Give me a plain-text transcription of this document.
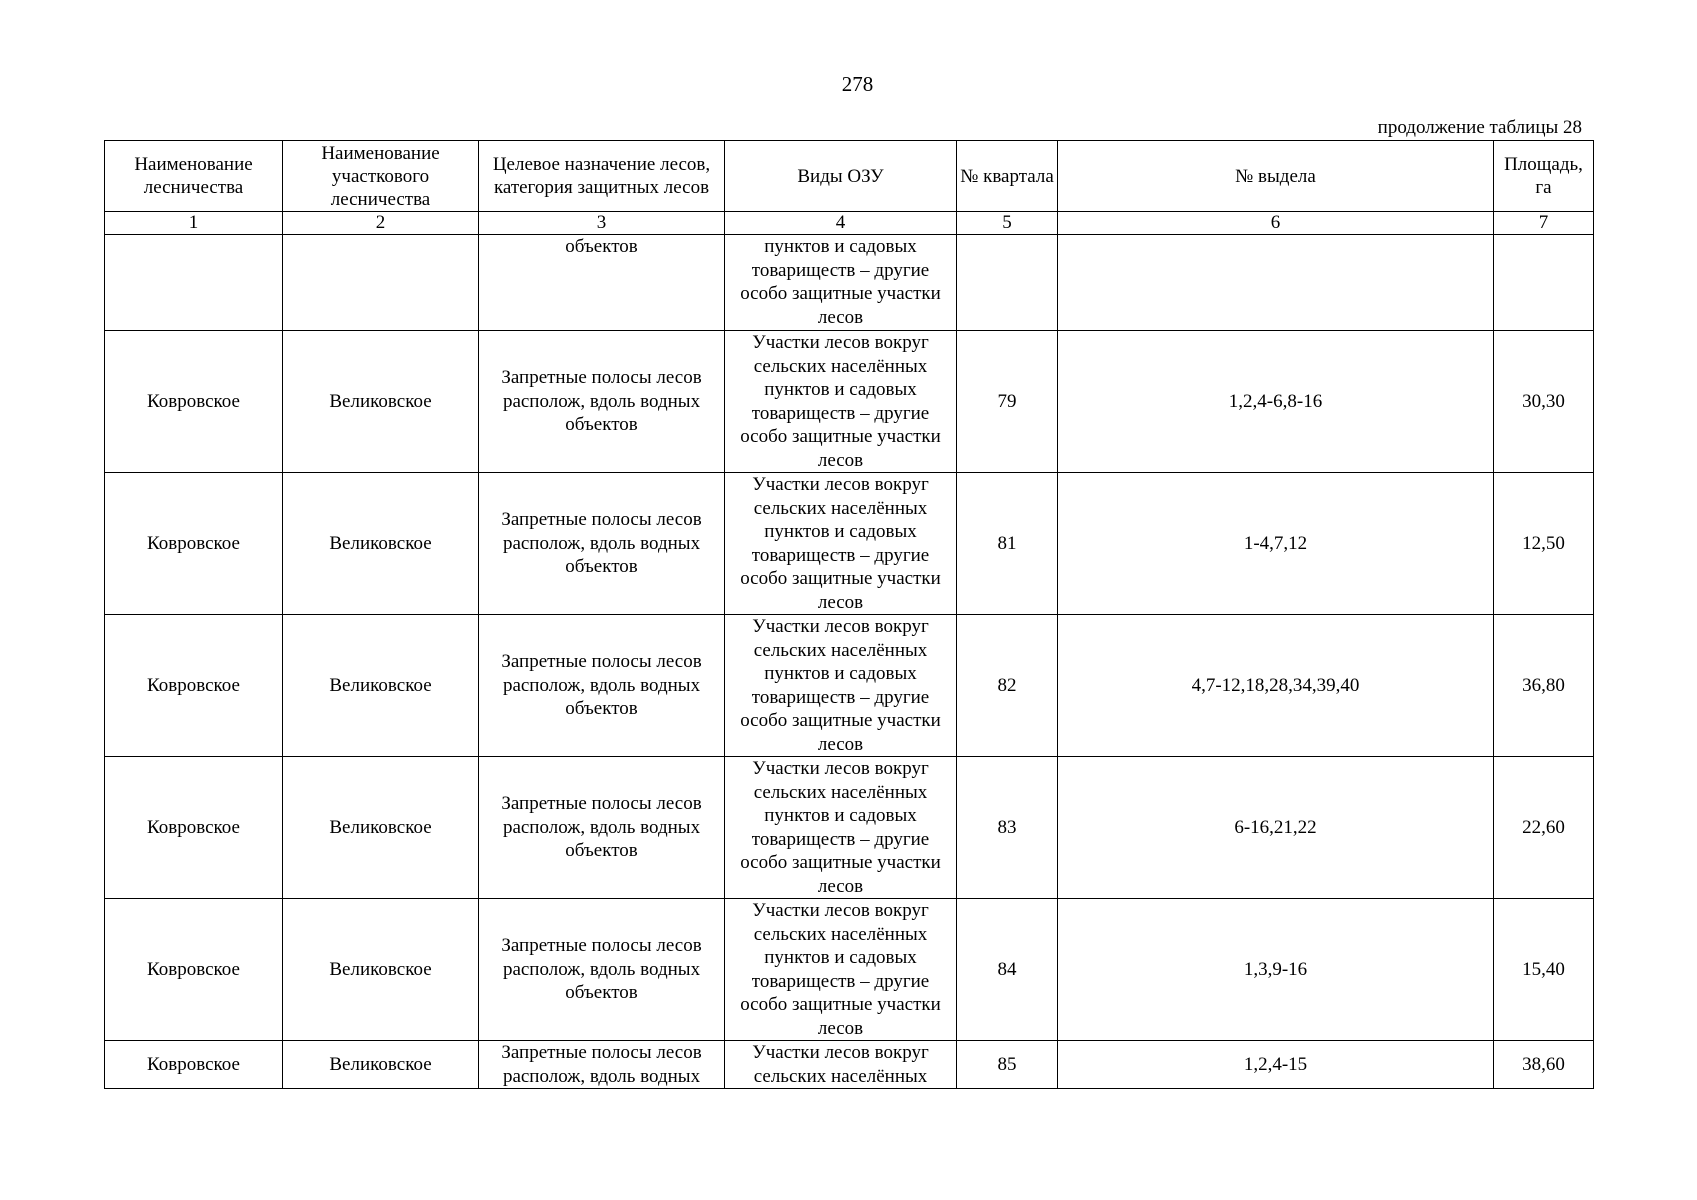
278
продолжение таблицы 28
Наименование лесничества	Наименование участкового лесничества	Целевое назначение лесов, категория защитных лесов	Виды ОЗУ	№ квартала	№ выдела	Площадь, га
1	2	3	4	5	6	7
		объектов	пунктов и садовых товариществ – другие особо защитные участки лесов			
Ковровское	Великовское	Запретные полосы лесов располож, вдоль водных объектов	Участки лесов вокруг сельских населённых пунктов и садовых товариществ – другие особо защитные участки лесов	79	1,2,4-6,8-16	30,30
Ковровское	Великовское	Запретные полосы лесов располож, вдоль водных объектов	Участки лесов вокруг сельских населённых пунктов и садовых товариществ – другие особо защитные участки лесов	81	1-4,7,12	12,50
Ковровское	Великовское	Запретные полосы лесов располож, вдоль водных объектов	Участки лесов вокруг сельских населённых пунктов и садовых товариществ – другие особо защитные участки лесов	82	4,7-12,18,28,34,39,40	36,80
Ковровское	Великовское	Запретные полосы лесов располож, вдоль водных объектов	Участки лесов вокруг сельских населённых пунктов и садовых товариществ – другие особо защитные участки лесов	83	6-16,21,22	22,60
Ковровское	Великовское	Запретные полосы лесов располож, вдоль водных объектов	Участки лесов вокруг сельских населённых пунктов и садовых товариществ – другие особо защитные участки лесов	84	1,3,9-16	15,40
Ковровское	Великовское	Запретные полосы лесов располож, вдоль водных	Участки лесов вокруг сельских населённых	85	1,2,4-15	38,60
